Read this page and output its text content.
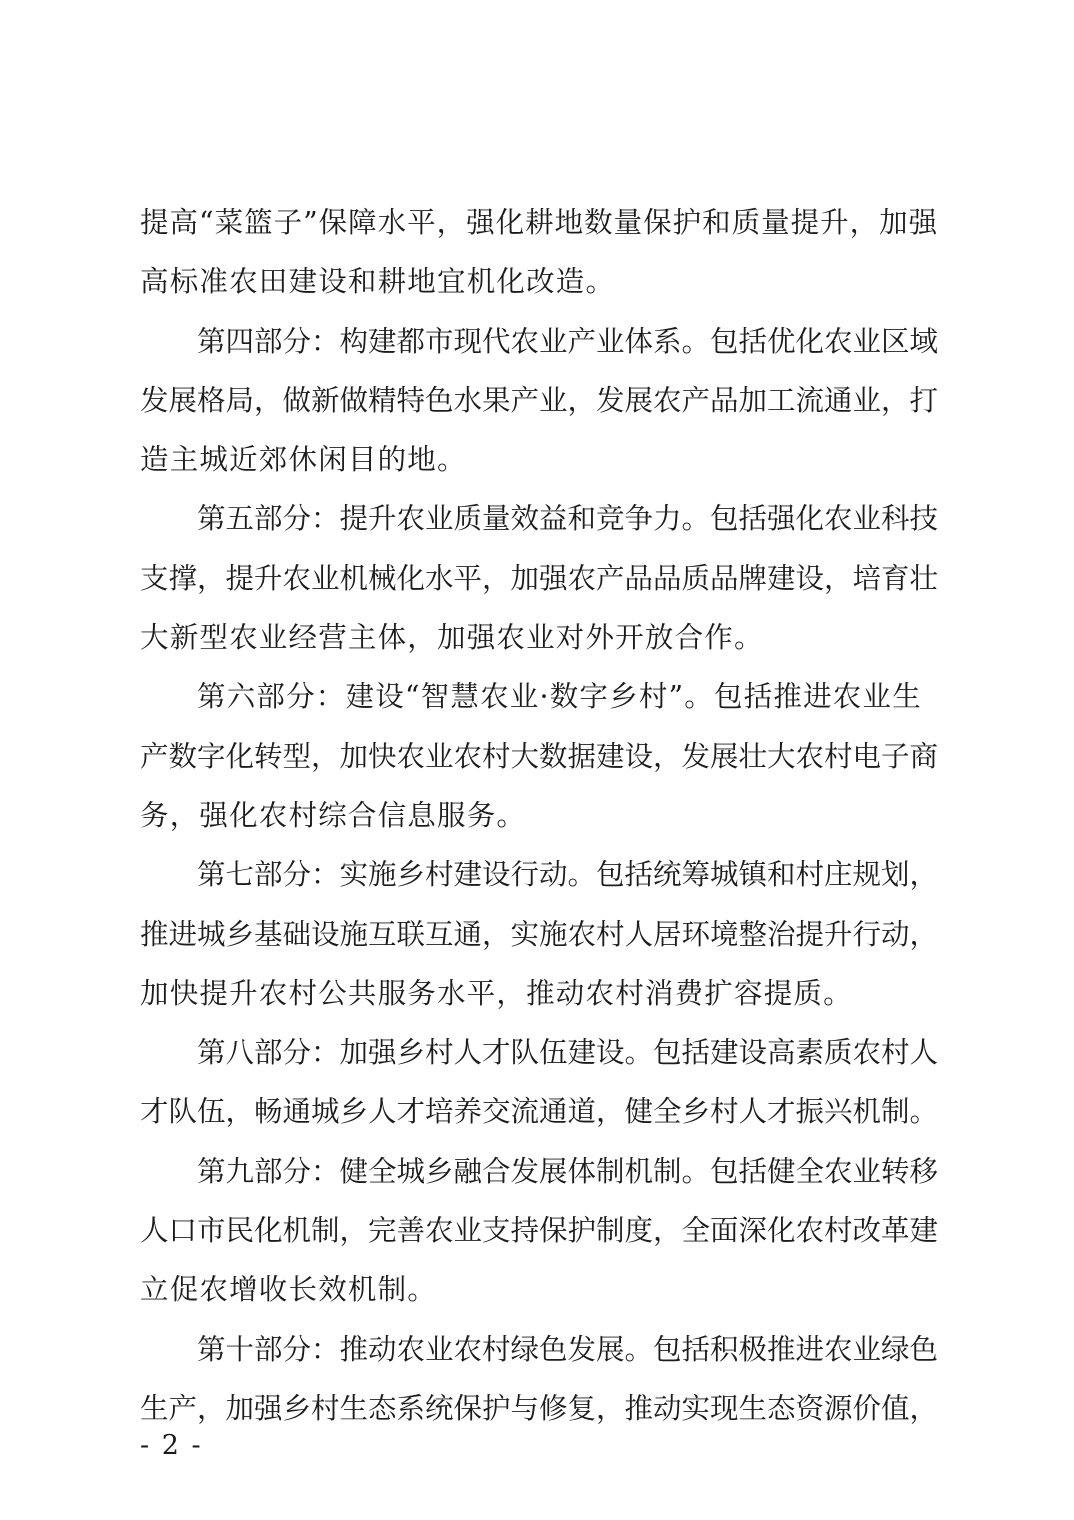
提高“菜篮子”保障水平，强化耕地数量保护和质量提升，加强
高标准农田建设和耕地宜机化改造。

第四部分：构建都市现代农业产业体系。包括优化农业区域
发展格局，做新做精特色水果产业，发展农产品加工流通业，打
造主城近郊休闲目的地。

第五部分：提升农业质量效益和竞争力。包括强化农业科技
支撑，提升农业机械化水平，加强农产品品质品牌建设，培育壮
大新型农业经营主体，加强农业对外开放合作。

第六部分：建设“智慧农业·数字乡村”。包括推进农业生
产数字化转型，加快农业农村大数据建设，发展壮大农村电子商
务，强化农村综合信息服务。

第七部分：实施乡村建设行动。包括统筹城镇和村庄规划，
推进城乡基础设施互联互通，实施农村人居环境整治提升行动，
加快提升农村公共服务水平，推动农村消费扩容提质。

第八部分：加强乡村人才队伍建设。包括建设高素质农村人
才队伍，畅通城乡人才培养交流通道，健全乡村人才振兴机制。

第九部分：健全城乡融合发展体制机制。包括健全农业转移
人口市民化机制，完善农业支持保护制度，全面深化农村改革建
立促农增收长效机制。

第十部分：推动农业农村绿色发展。包括积极推进农业绿色
生产，加强乡村生态系统保护与修复，推动实现生态资源价值，

- 2 -
